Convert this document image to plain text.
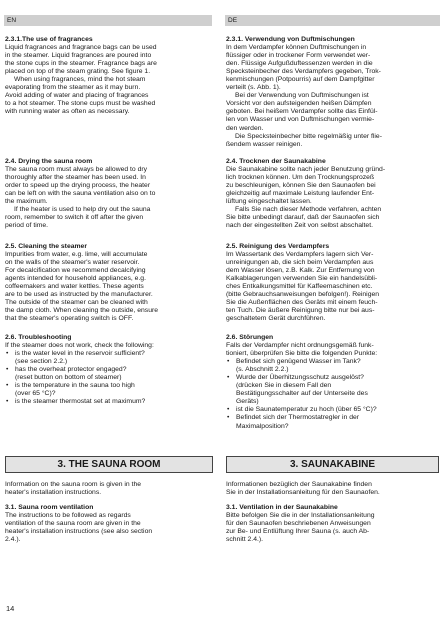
EN	DE
2.3.1.The use of fragrances

Liquid fragrances and fragrance bags can be used
in the steamer. Liquid fragrances are poured into
the stone cups in the steamer. Fragrance bags are
placed on top of the steam grating. See figure 1.

When using fragrances, mind the hot steam
evaporating from the steamer as it may burn.
Avoid adding of water and placing of fragrances
to a hot steamer. The stone cups must be washed
with running water as often as necessary.

2.4. Drying the sauna room

The sauna room must always be allowed to dry
thoroughly after the steamer has been used. In
order to speed up the drying process, the heater
can be left on with the sauna ventilation also on to
the maximum.

If the heater is used to help dry out the sauna
room, remember to switch it off after the given
period of time.

2.5. Cleaning the steamer

Impurities from water, e.g. lime, will accumulate
on the walls of the steamer's water reservoir.
For decalcification we recommend decalcifying
agents intended for household appliances, e.g.
coffeemakers and water kettles. These agents
are to be used as instructed by the manufacturer.
The outside of the steamer can be cleaned with
the damp cloth. When cleaning the outside, ensure
that the steamer's operating switch is OFF.

2.6. Troubleshooting

If the steamer does not work, check the following:

• is the water level in the reservoir sufficient?
(see section 2.2.)
• has the overheat protector engaged?
(reset button on bottom of steamer)
• is the temperature in the sauna too high
(over 65 °C)?
• is the steamer thermostat set at maximum?
3. THE SAUNA ROOM

Information on the sauna room is given in the
heater's installation instructions.

3.1. Sauna room ventilation

The instructions to be followed as regards
ventilation of the sauna room are given in the
heater's installation instructions (see also section
2.4.).

2.3.1. Verwendung von Duftmischungen

In dem Verdampfer können Duftmischungen in
flüssiger oder in trockener Form verwendet wer-
den. Flüssige Aufgußduftessenzen werden in die
Specksteinbecher des Verdampfers gegeben, Trok-
kenmischungen (Potpourris) auf dem Dampfgitter
verteilt (s. Abb. 1).

Bei der Verwendung von Duftmischungen ist
Vorsicht vor den aufsteigenden heißen Dämpfen
geboten. Bei heißem Verdampfer sollte das Einfül-
len von Wasser und von Duftmischungen vermie-
den werden.

Die Specksteinbecher bitte regelmäßig unter flie-
ßendem wasser reinigen.

2.4. Trocknen der Saunakabine

Die Saunakabine sollte nach jeder Benutzung gründ-
lich trocknen können. Um den Trocknungsprozeß
zu beschleunigen, können Sie den Saunaofen bei
gleichzeitig auf maximale Leistung laufender Ent-
lüftung eingeschaltet lassen.

Falls Sie nach dieser Methode verfahren, achten
Sie bitte unbedingt darauf, daß der Saunaofen sich
nach der eingestellten Zeit von selbst abschaltet.

2.5. Reinigung des Verdampfers

Im Wassertank des Verdampfers lagern sich Ver-
unreinigungen ab, die sich beim Verdampfen aus
dem Wasser lösen, z.B. Kalk. Zur Entfernung von
Kalkablagerungen verwenden Sie ein handelsübli-
ches Entkalkungsmittel für Kaffeemaschinen etc.
(bitte Gebrauchsanweisungen befolgen!). Reinigen
Sie die Außenflächen des Geräts mit einem feuch-
ten Tuch. Die äußere Reinigung bitte nur bei aus-
geschaltetem Gerät durchführen.

2.6. Störungen

Falls der Verdampfer nicht ordnungsgemäß funk-
tioniert, überprüfen Sie bitte die folgenden Punkte:

• Befindet sich genügend Wasser im Tank?
(s. Abschnitt 2.2.)
• Wurde der Überhitzungsschutz ausgelöst?
(drücken Sie in diesem Fall den
Bestätigungsschalter auf der Unterseite des
Geräts)
• ist die Saunatemperatur zu hoch (über 65 °C)?
• Befindet sich der Thermostatregler in der
Maximalposition?
3. SAUNAKABINE

Informationen bezüglich der Saunakabine finden
Sie in der Installationsanleitung für den Saunaofen.

3.1. Ventilation in der Saunakabine

Bitte befolgen Sie die in der Installationsanleitung
für den Saunaofen beschriebenen Anweisungen
zur Be- und Entlüftung Ihrer Sauna (s. auch Ab-
schnitt 2.4.).

14
